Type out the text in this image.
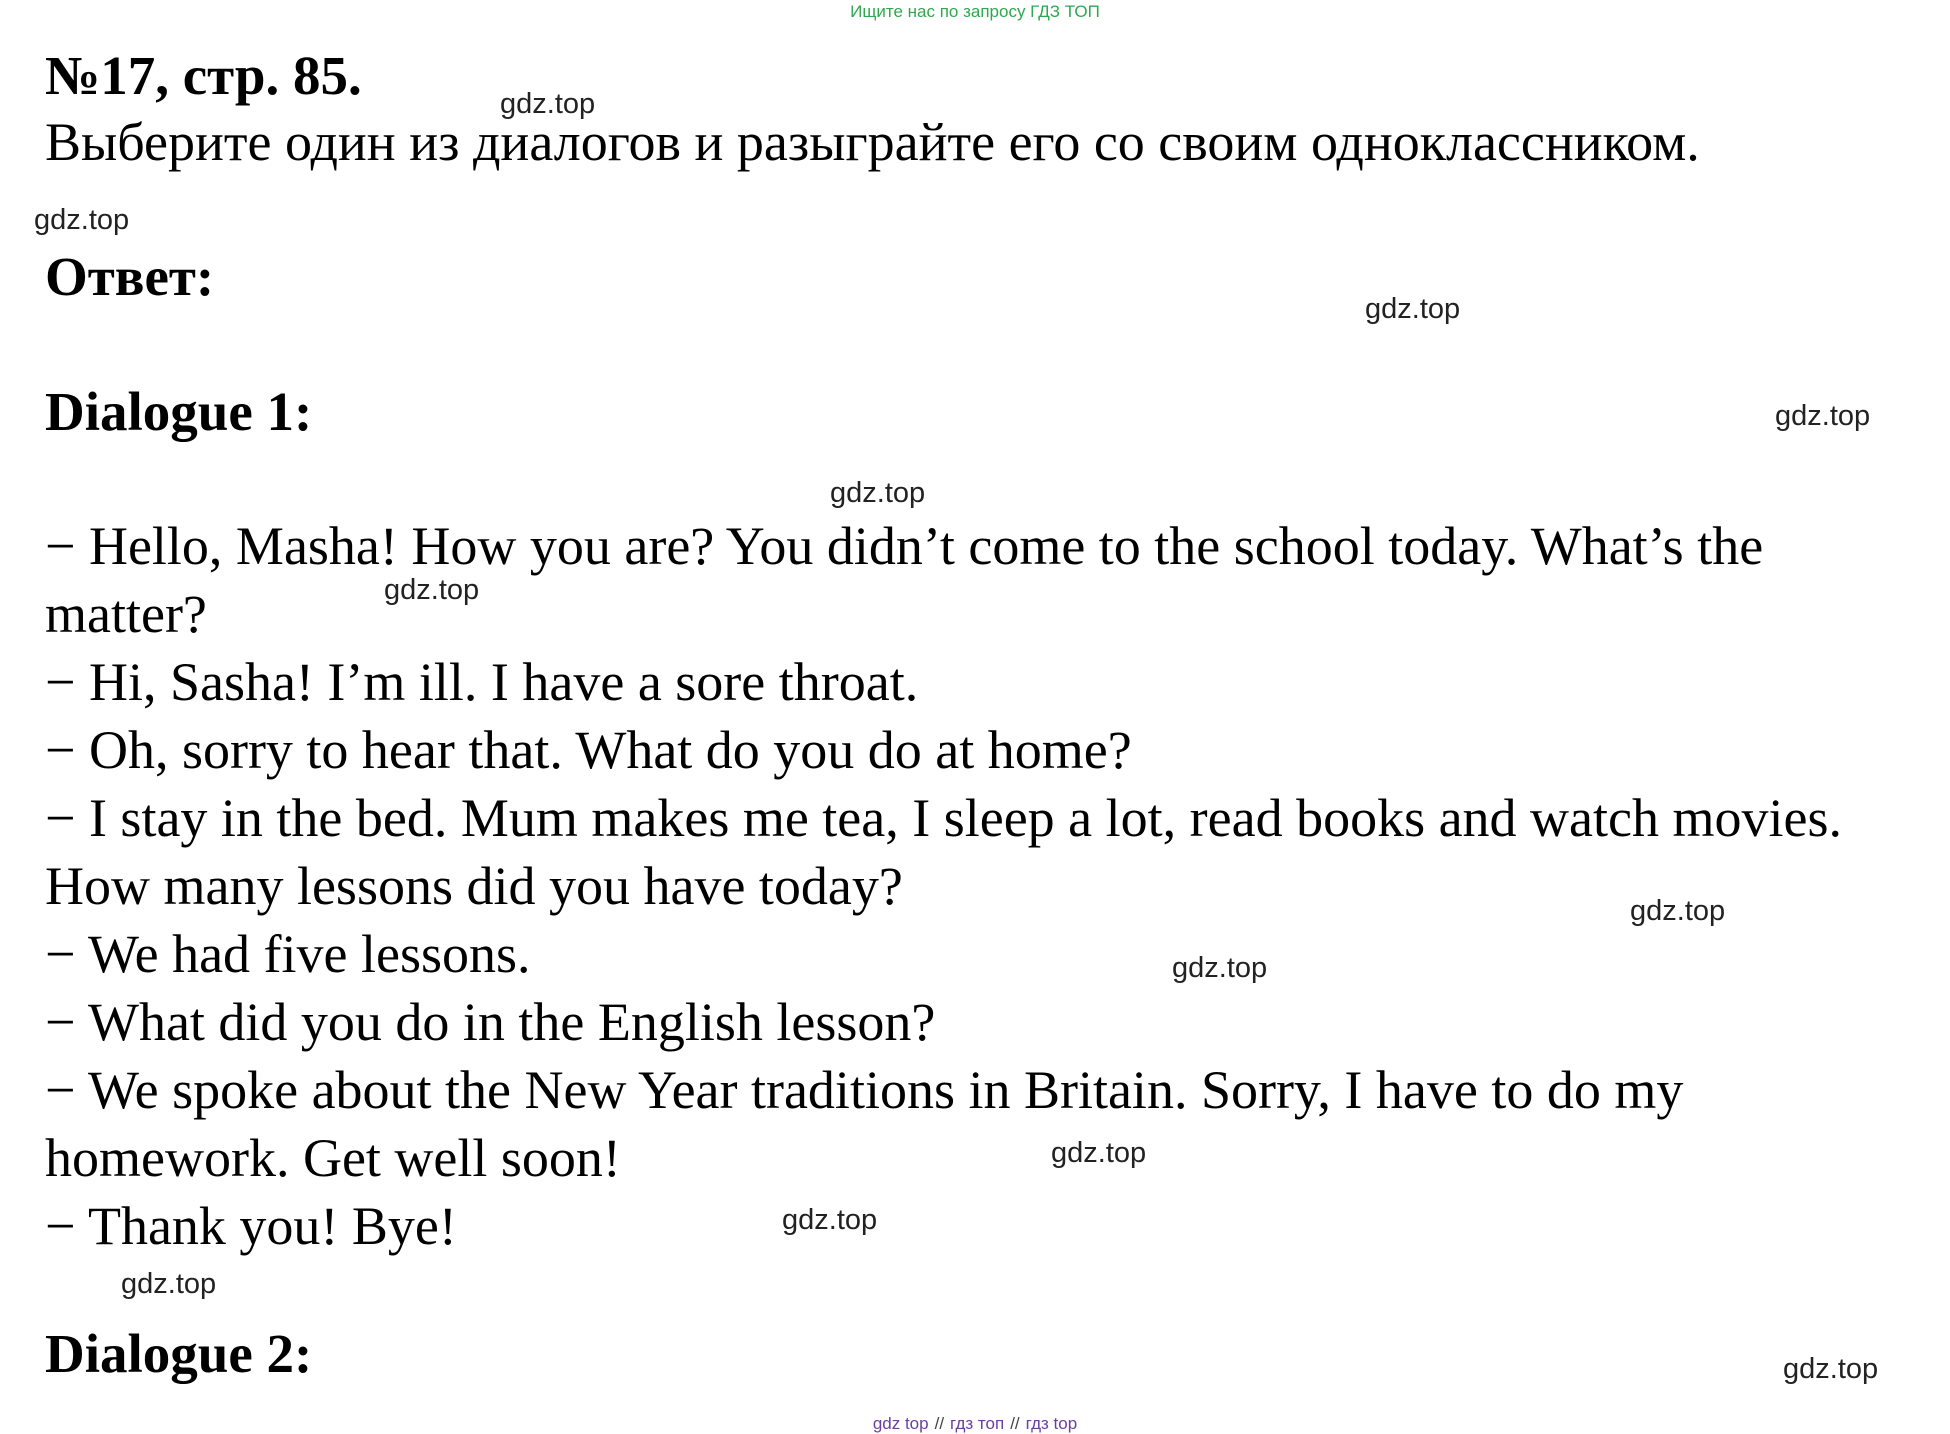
Ищите нас по запросу ГДЗ ТОП
№17, стр. 85.
Выберите один из диалогов и разыграйте его со своим одноклассником.
Ответ:
Dialogue 1:
− Hello, Masha! How you are? You didn’t come to the school today. What’s the matter?
− Hi, Sasha! I’m ill. I have a sore throat.
− Oh, sorry to hear that. What do you do at home?
− I stay in the bed. Mum makes me tea, I sleep a lot, read books and watch movies. How many lessons did you have today?
− We had five lessons.
− What did you do in the English lesson?
− We spoke about the New Year traditions in Britain. Sorry, I have to do my homework. Get well soon!
− Thank you! Bye!
Dialogue 2:
gdz.top
gdz.top
gdz.top
gdz.top
gdz.top
gdz.top
gdz.top
gdz.top
gdz.top
gdz.top
gdz.top
gdz.top
gdz top // гдз топ // гдз top
